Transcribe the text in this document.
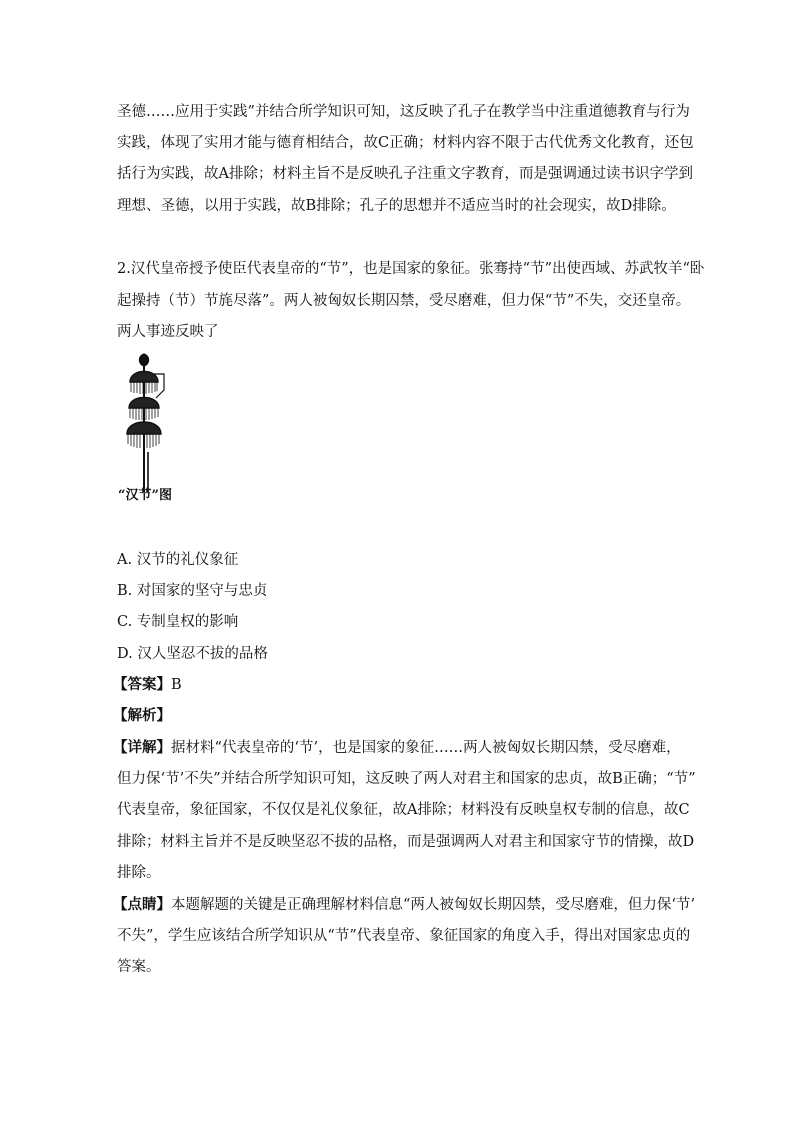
圣德……应用于实践”并结合所学知识可知，这反映了孔子在教学当中注重道德教育与行为
实践，体现了实用才能与德育相结合，故C正确；材料内容不限于古代优秀文化教育，还包
括行为实践，故A排除；材料主旨不是反映孔子注重文字教育，而是强调通过读书识字学到
理想、圣德，以用于实践，故B排除；孔子的思想并不适应当时的社会现实，故D排除。
2.汉代皇帝授予使臣代表皇帝的“节”，也是国家的象征。张骞持“节”出使西域、苏武牧羊“卧
起操持（节）节旄尽落”。两人被匈奴长期囚禁，受尽磨难，但力保“节”不失，交还皇帝。
两人事迹反映了
“汉节”图
A. 汉节的礼仪象征
B. 对国家的坚守与忠贞
C. 专制皇权的影响
D. 汉人坚忍不拔的品格
【答案】B
【解析】
【详解】据材料“代表皇帝的‘节’，也是国家的象征……两人被匈奴长期囚禁，受尽磨难，
但力保‘节’不失”并结合所学知识可知，这反映了两人对君主和国家的忠贞，故B正确；“节”
代表皇帝，象征国家，不仅仅是礼仪象征，故A排除；材料没有反映皇权专制的信息，故C
排除；材料主旨并不是反映坚忍不拔的品格，而是强调两人对君主和国家守节的情操，故D
排除。
【点睛】本题解题的关键是正确理解材料信息“两人被匈奴长期囚禁，受尽磨难，但力保‘节’
不失”，学生应该结合所学知识从“节”代表皇帝、象征国家的角度入手，得出对国家忠贞的
答案。
